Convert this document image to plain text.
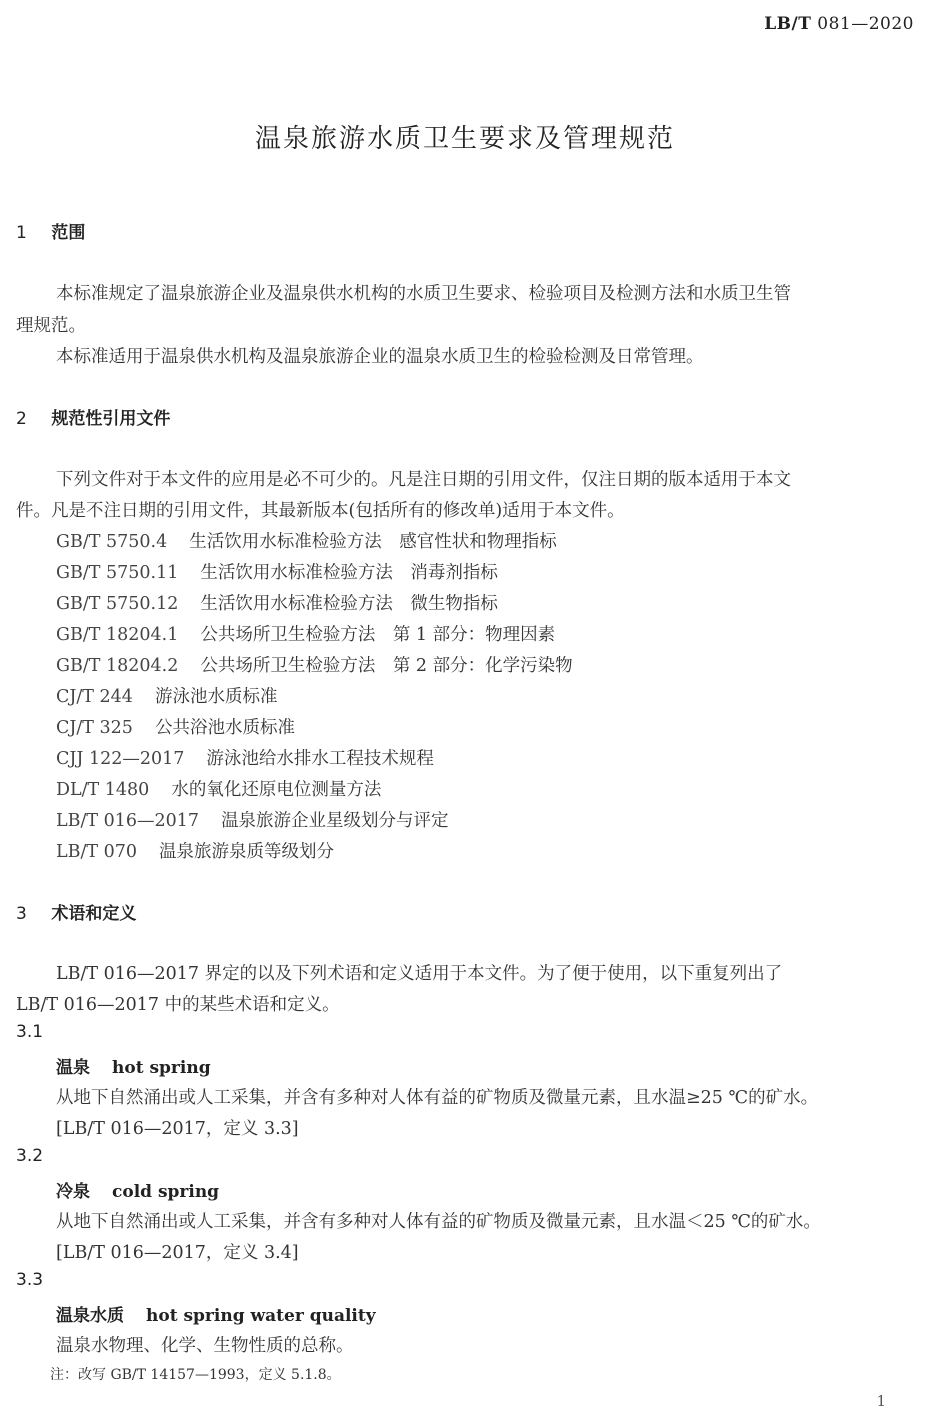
LB/T 081—2020
温泉旅游水质卫生要求及管理规范
1 范围
本标准规定了温泉旅游企业及温泉供水机构的水质卫生要求、检验项目及检测方法和水质卫生管
理规范。
本标准适用于温泉供水机构及温泉旅游企业的温泉水质卫生的检验检测及日常管理。
2 规范性引用文件
下列文件对于本文件的应用是必不可少的。凡是注日期的引用文件，仅注日期的版本适用于本文
件。凡是不注日期的引用文件，其最新版本(包括所有的修改单)适用于本文件。
GB/T 5750.4 生活饮用水标准检验方法　感官性状和物理指标
GB/T 5750.11 生活饮用水标准检验方法　消毒剂指标
GB/T 5750.12 生活饮用水标准检验方法　微生物指标
GB/T 18204.1 公共场所卫生检验方法　第 1 部分：物理因素
GB/T 18204.2 公共场所卫生检验方法　第 2 部分：化学污染物
CJ/T 244 游泳池水质标准
CJ/T 325 公共浴池水质标准
CJJ 122—2017 游泳池给水排水工程技术规程
DL/T 1480 水的氧化还原电位测量方法
LB/T 016—2017 温泉旅游企业星级划分与评定
LB/T 070 温泉旅游泉质等级划分
3 术语和定义
LB/T 016—2017 界定的以及下列术语和定义适用于本文件。为了便于使用，以下重复列出了
LB/T 016—2017 中的某些术语和定义。
3.1
温泉 hot spring
从地下自然涌出或人工采集，并含有多种对人体有益的矿物质及微量元素，且水温≥25 ℃的矿水。
[LB/T 016—2017，定义 3.3]
3.2
冷泉 cold spring
从地下自然涌出或人工采集，并含有多种对人体有益的矿物质及微量元素，且水温＜25 ℃的矿水。
[LB/T 016—2017，定义 3.4]
3.3
温泉水质 hot spring water quality
温泉水物理、化学、生物性质的总称。
注：改写 GB/T 14157—1993，定义 5.1.8。
1
